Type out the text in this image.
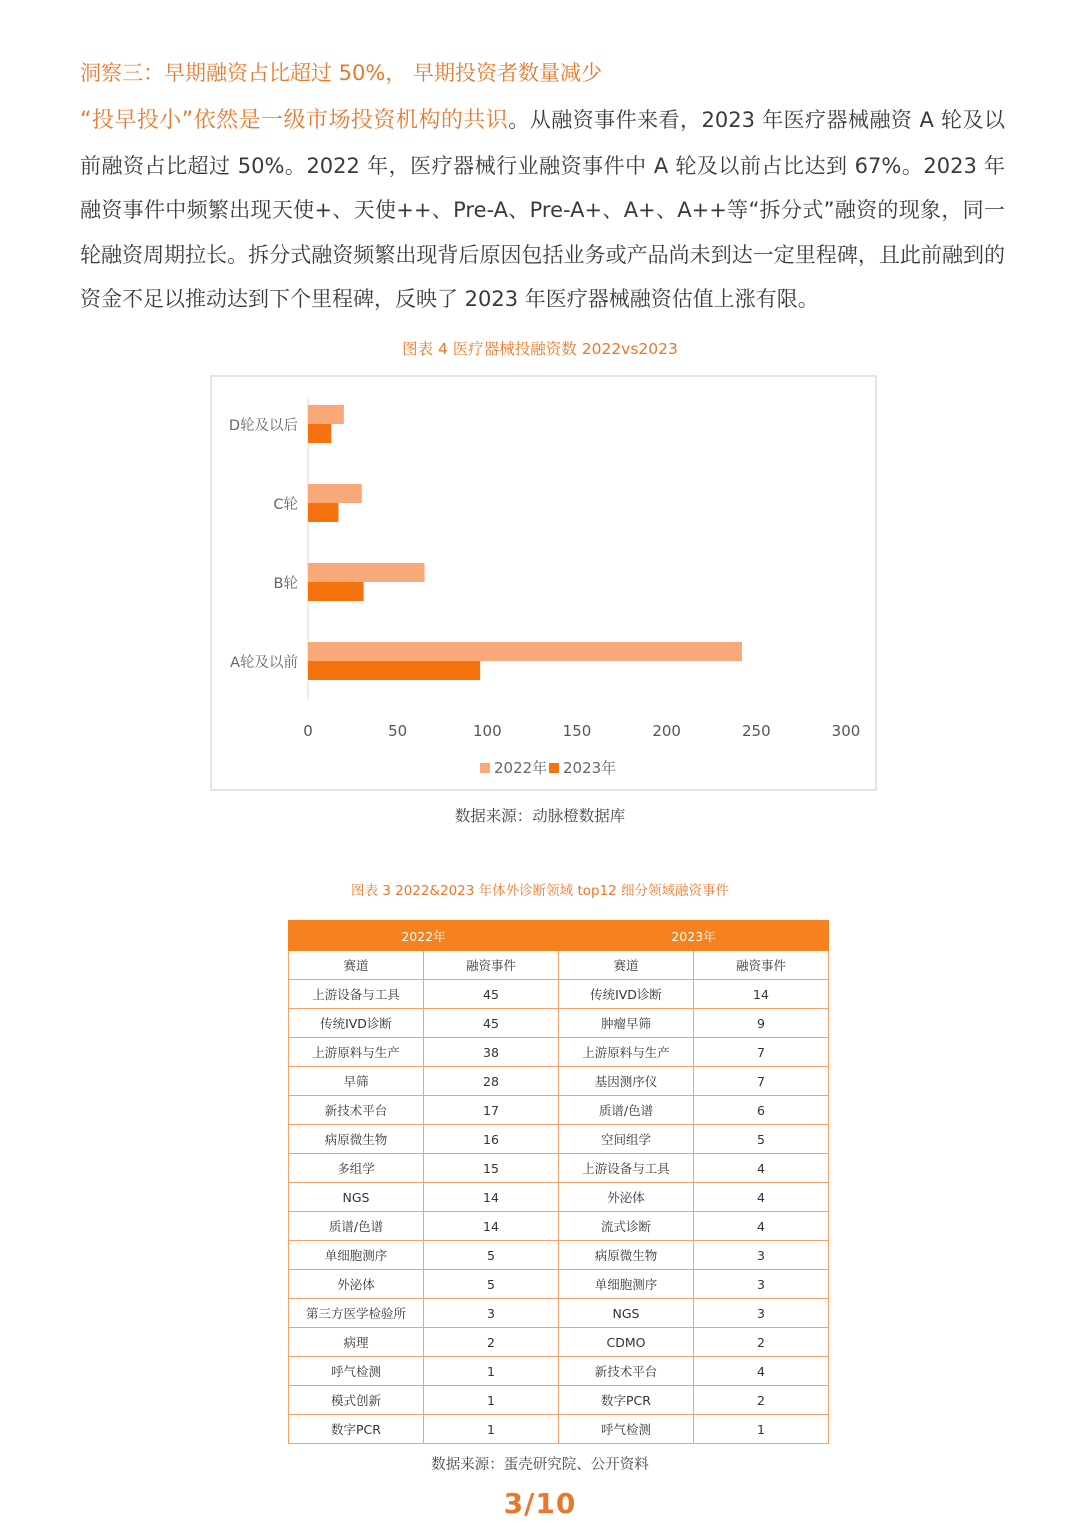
洞察三：早期融资占比超过 50%， 早期投资者数量减少

“投早投小”依然是一级市场投资机构的共识。从融资事件来看，2023 年医疗器械融资 A 轮及以前融资占比超过 50%。2022 年，医疗器械行业融资事件中 A 轮及以前占比达到 67%。2023 年融资事件中频繁出现天使+、天使++、Pre-A、Pre-A+、A+、A++等“拆分式”融资的现象，同一轮融资周期拉长。拆分式融资频繁出现背后原因包括业务或产品尚未到达一定里程碑，且此前融到的资金不足以推动达到下个里程碑，反映了 2023 年医疗器械融资估值上涨有限。

图表 4 医疗器械投融资数 2022vs2023
D轮及以后
C轮
B轮
A轮及以前
0	50	100	150	200	250	300
2022年 2023年
数据来源：动脉橙数据库
图表 3 2022&2023 年体外诊断领域 top12 细分领域融资事件
2022年		2023年	
赛道	融资事件	赛道	融资事件
上游设备与工具	45	传统IVD诊断	14
传统IVD诊断	45	肿瘤早筛	9
上游原料与生产	38	上游原料与生产	7
早筛	28	基因测序仪	7
新技术平台	17	质谱/色谱	6
病原微生物	16	空间组学	5
多组学	15	上游设备与工具	4
NGS	14	外泌体	4
质谱/色谱	14	流式诊断	4
单细胞测序	5	病原微生物	3
外泌体	5	单细胞测序	3
第三方医学检验所	3	NGS	3
病理	2	CDMO	2
呼气检测	1	新技术平台	4
模式创新	1	数字PCR	2
数字PCR	1	呼气检测	1
数据来源：蛋壳研究院、公开资料
3/10
